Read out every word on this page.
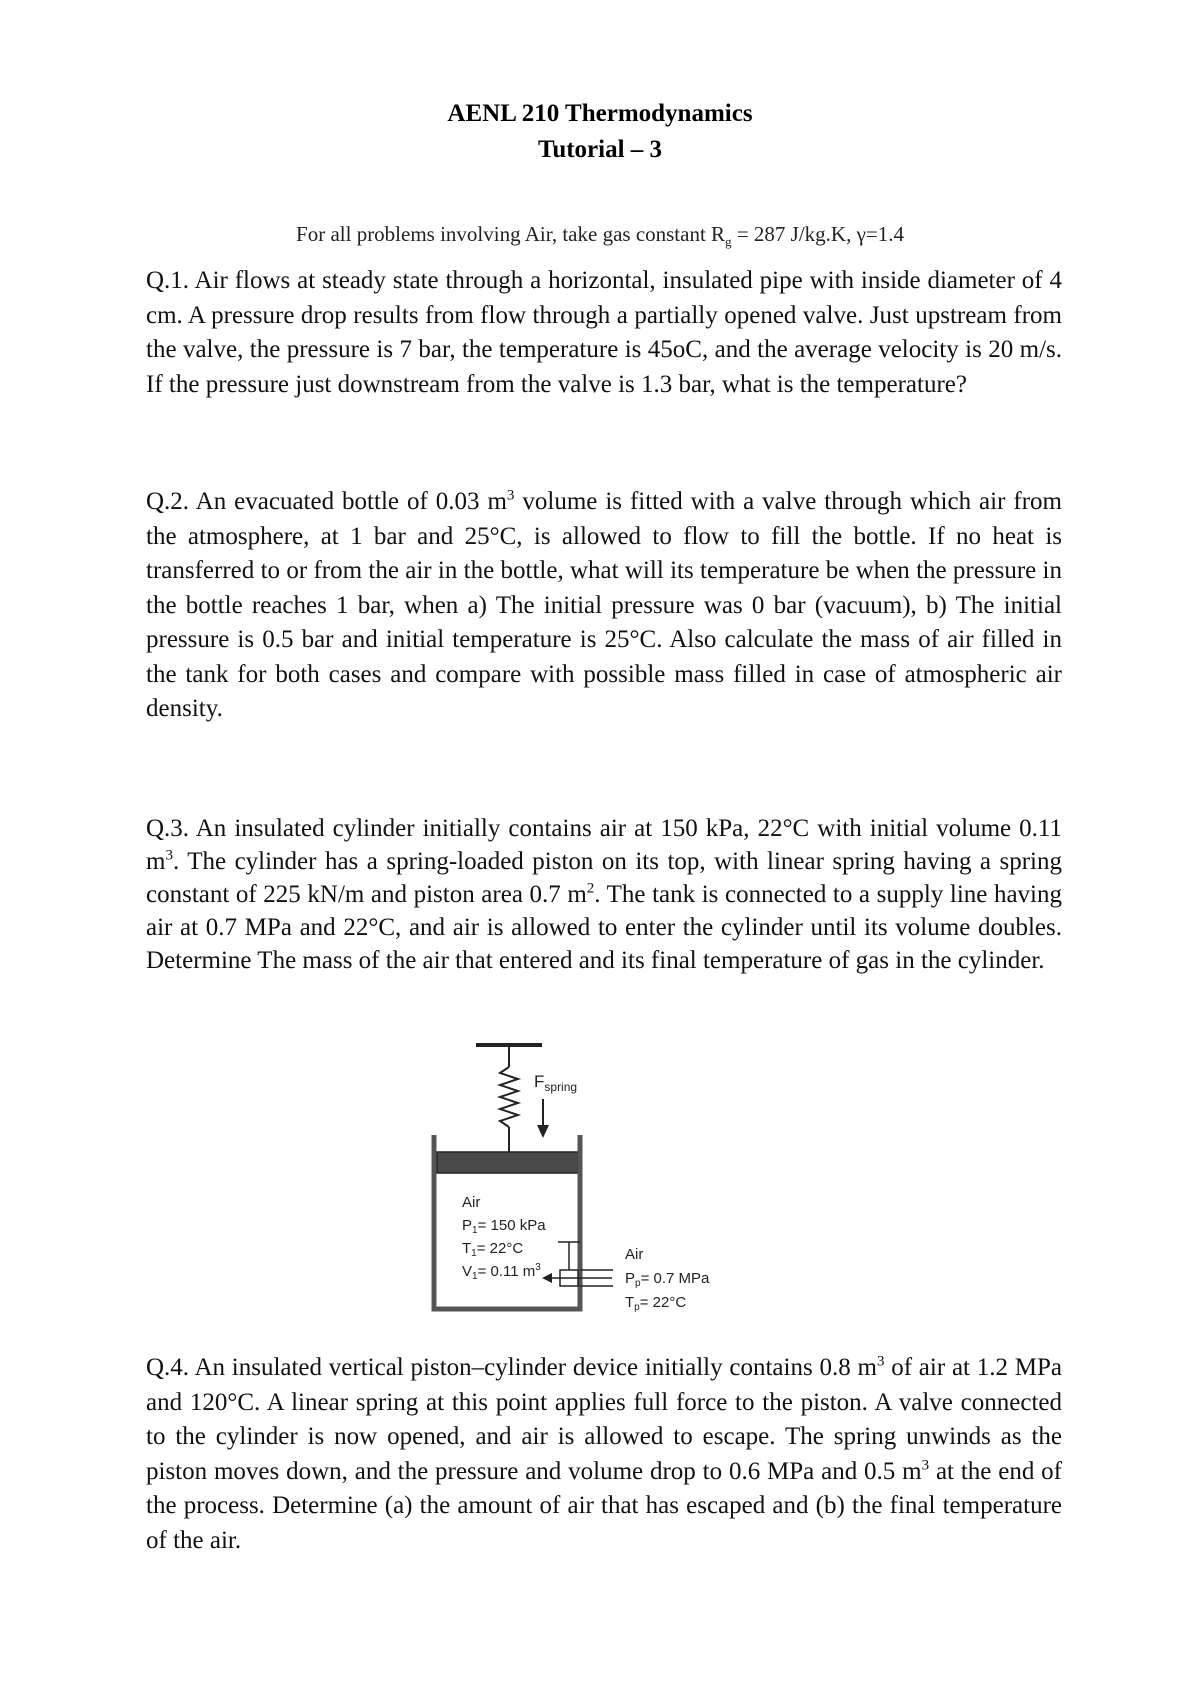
AENL 210 Thermodynamics
Tutorial – 3
For all problems involving Air, take gas constant $R_g = 287$ J/kg.K, γ=1.4

Q.1. Air flows at steady state through a horizontal, insulated pipe with inside diameter of 4 cm. A pressure drop results from flow through a partially opened valve. Just upstream from the valve, the pressure is 7 bar, the temperature is 45oC, and the average velocity is 20 m/s. If the pressure just downstream from the valve is 1.3 bar, what is the temperature?

Q.2. An evacuated bottle of 0.03 $m^3$ volume is fitted with a valve through which air from the atmosphere, at 1 bar and 25°C, is allowed to flow to fill the bottle. If no heat is transferred to or from the air in the bottle, what will its temperature be when the pressure in the bottle reaches 1 bar, when a) The initial pressure was 0 bar (vacuum), b) The initial pressure is 0.5 bar and initial temperature is 25°C. Also calculate the mass of air filled in the tank for both cases and compare with possible mass filled in case of atmospheric air density.

Q.3. An insulated cylinder initially contains air at 150 kPa, 22°C with initial volume 0.11 $m^3$. The cylinder has a spring-loaded piston on its top, with linear spring having a spring constant of 225 kN/m and piston area 0.7 $m^2$. The tank is connected to a supply line having air at 0.7 MPa and 22°C, and air is allowed to enter the cylinder until its volume doubles. Determine The mass of the air that entered and its final temperature of gas in the cylinder.

$F_{spring}$
Air
$P_1= 150$ kPa
$T_1= 22^\circ C$
$V_1= 0.11$ $m^3$
Air
$P_p= 0.7$ MPa
$T_p= 22^\circ C$

Q.4. An insulated vertical piston–cylinder device initially contains 0.8 $m^3$ of air at 1.2 MPa and 120°C. A linear spring at this point applies full force to the piston. A valve connected to the cylinder is now opened, and air is allowed to escape. The spring unwinds as the piston moves down, and the pressure and volume drop to 0.6 MPa and 0.5 $m^3$ at the end of the process. Determine (a) the amount of air that has escaped and (b) the final temperature of the air.
